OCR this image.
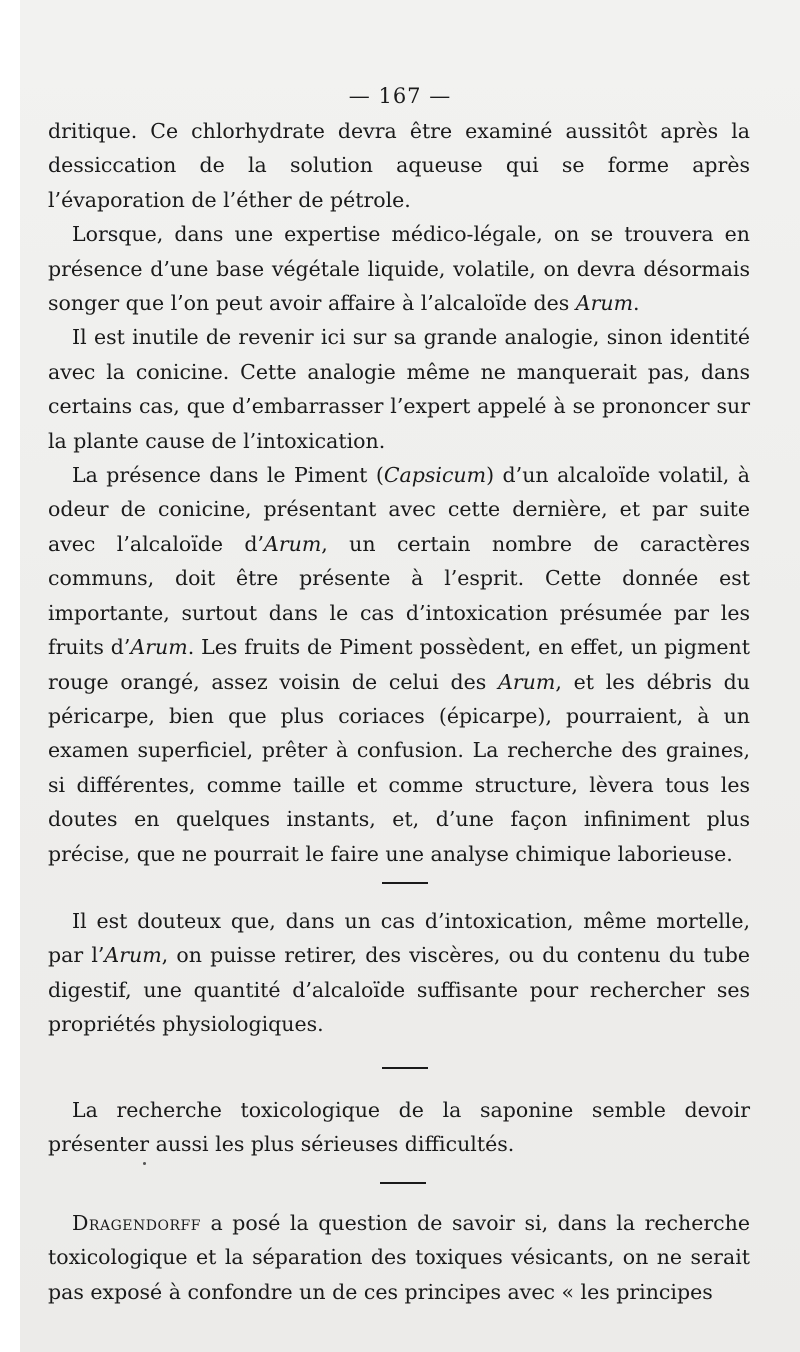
— 167 —

dritique. Ce chlorhydrate devra être examiné aussitôt après la dessiccation de la solution aqueuse qui se forme après l’évaporation de l’éther de pétrole.

Lorsque, dans une expertise médico-légale, on se trouvera en présence d’une base végétale liquide, volatile, on devra désormais songer que l’on peut avoir affaire à l’alcaloïde des Arum.

Il est inutile de revenir ici sur sa grande analogie, sinon identité avec la conicine. Cette analogie même ne manquerait pas, dans certains cas, que d’embarrasser l’expert appelé à se prononcer sur la plante cause de l’intoxication.

La présence dans le Piment (Capsicum) d’un alcaloïde volatil, à odeur de conicine, présentant avec cette dernière, et par suite avec l’alcaloïde d’Arum, un certain nombre de caractères communs, doit être présente à l’esprit. Cette donnée est importante, surtout dans le cas d’intoxication présumée par les fruits d’Arum. Les fruits de Piment possèdent, en effet, un pigment rouge orangé, assez voisin de celui des Arum, et les débris du péricarpe, bien que plus coriaces (épicarpe), pourraient, à un examen superficiel, prêter à confusion. La recherche des graines, si différentes, comme taille et comme structure, lèvera tous les doutes en quelques instants, et, d’une façon infiniment plus précise, que ne pourrait le faire une analyse chimique laborieuse.

Il est douteux que, dans un cas d’intoxication, même mortelle, par l’Arum, on puisse retirer, des viscères, ou du contenu du tube digestif, une quantité d’alcaloïde suffisante pour rechercher ses propriétés physiologiques.

La recherche toxicologique de la saponine semble devoir présenter aussi les plus sérieuses difficultés.

Dragendorff a posé la question de savoir si, dans la recherche toxicologique et la séparation des toxiques vésicants, on ne serait pas exposé à confondre un de ces principes avec « les principes
